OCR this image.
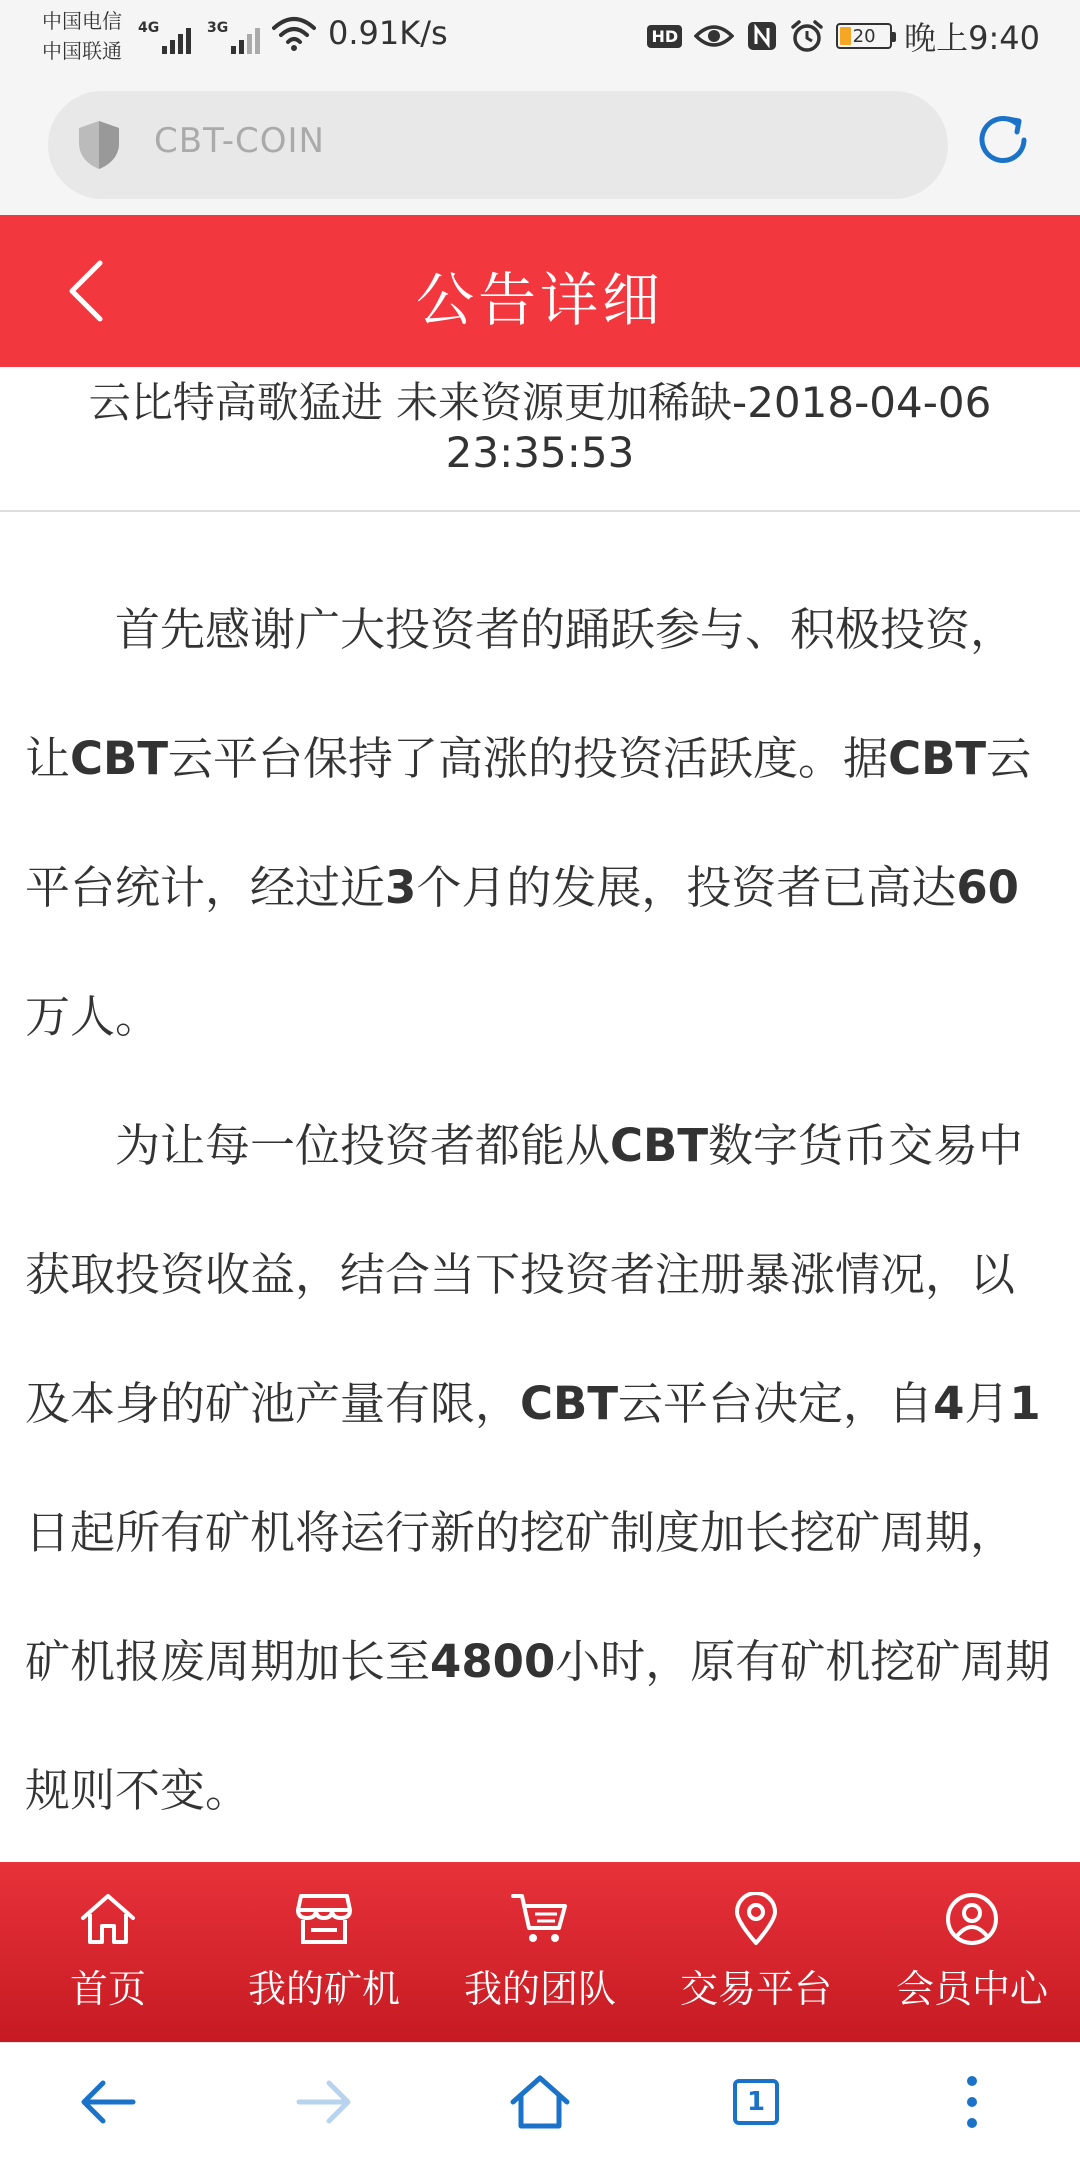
中国电信
中国联通
4G	3G	0.91K/s	HD	20 晚上9:40
CBT-COIN
公告详细
云比特高歌猛进 未来资源更加稀缺-2018-04-06 23:35:53

首先感谢广大投资者的踊跃参与、积极投资，让CBT云平台保持了高涨的投资活跃度。据CBT云平台统计，经过近3个月的发展，投资者已高达60万人。

为让每一位投资者都能从CBT数字货币交易中获取投资收益，结合当下投资者注册暴涨情况，以及本身的矿池产量有限，CBT云平台决定，自4月1日起所有矿机将运行新的挖矿制度加长挖矿周期，矿机报废周期加长至4800小时，原有矿机挖矿周期规则不变。

首页	我的矿机 我的团队 交易平台 会员中心
1
